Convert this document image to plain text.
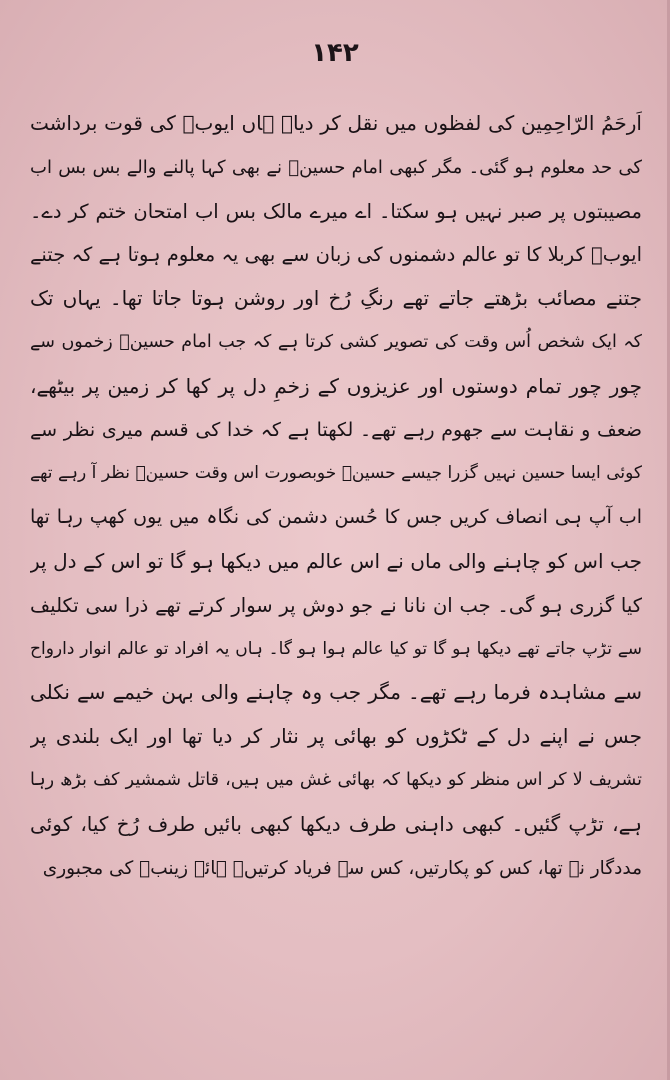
۱۴۲
اَرحَمُ الرّاحِمِین کی لفظوں میں نقل کر دیا۔ ہاں ایوبؑ کی قوت برداشت
کی حد معلوم ہو گئی۔ مگر کبھی امام حسینؑ نے بھی کہا پالنے والے بس بس اب
مصیبتوں پر صبر نہیں ہو سکتا۔ اے میرے مالک بس اب امتحان ختم کر دے۔
ایوبؑ کربلا کا تو عالم دشمنوں کی زبان سے بھی یہ معلوم ہوتا ہے کہ جتنے
جتنے مصائب بڑھتے جاتے تھے رنگِ رُخ اور روشن ہوتا جاتا تھا۔ یہاں تک
کہ ایک شخص اُس وقت کی تصویر کشی کرتا ہے کہ جب امام حسینؑ زخموں سے
چور چور تمام دوستوں اور عزیزوں کے زخمِ دل پر کھا کر زمین پر بیٹھے،
ضعف و نقاہت سے جھوم رہے تھے۔ لکھتا ہے کہ خدا کی قسم میری نظر سے
کوئی ایسا حسین نہیں گزرا جیسے حسینؑ خوبصورت اس وقت حسینؑ نظر آ رہے تھے
اب آپ ہی انصاف کریں جس کا حُسن دشمن کی نگاہ میں یوں کھپ رہا تھا
جب اس کو چاہنے والی ماں نے اس عالم میں دیکھا ہو گا تو اس کے دل پر
کیا گزری ہو گی۔ جب ان نانا نے جو دوش پر سوار کرتے تھے ذرا سی تکلیف
سے تڑپ جاتے تھے دیکھا ہو گا تو کیا عالم ہوا ہو گا۔ ہاں یہ افراد تو عالم انوار دارواح
سے مشاہدہ فرما رہے تھے۔ مگر جب وہ چاہنے والی بہن خیمے سے نکلی
جس نے اپنے دل کے ٹکڑوں کو بھائی پر نثار کر دیا تھا اور ایک بلندی پر
تشریف لا کر اس منظر کو دیکھا کہ بھائی غش میں ہیں، قاتل شمشیر کف بڑھ رہا
ہے، تڑپ گئیں۔ کبھی داہنی طرف دیکھا کبھی بائیں طرف رُخ کیا، کوئی
مددگار نہ تھا، کس کو پکارتیں، کس سے فریاد کرتیں۔ ہائے زینبؑ کی مجبوری
